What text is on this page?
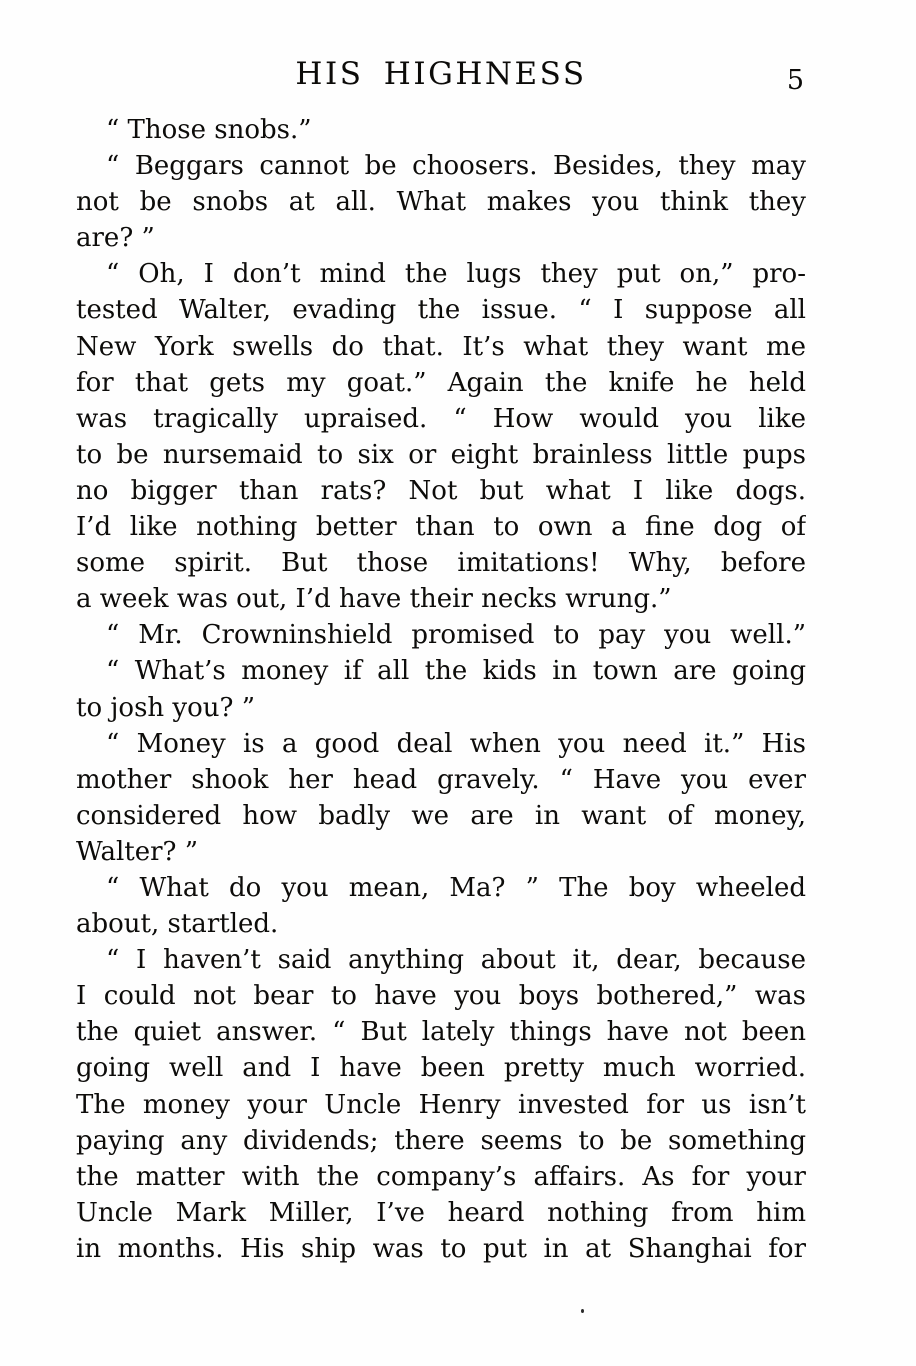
HIS HIGHNESS	5
“ Those snobs.”
“ Beggars cannot be choosers. Besides, they may
not be snobs at all. What makes you think they
are? ”
“ Oh, I don’t mind the lugs they put on,” pro-
tested Walter, evading the issue. “ I suppose all
New York swells do that. It’s what they want me
for that gets my goat.” Again the knife he held
was tragically upraised. “ How would you like
to be nursemaid to six or eight brainless little pups
no bigger than rats? Not but what I like dogs.
I’d like nothing better than to own a fine dog of
some spirit. But those imitations! Why, before
a week was out, I’d have their necks wrung.”
“ Mr. Crowninshield promised to pay you well.”
“ What’s money if all the kids in town are going
to josh you? ”
“ Money is a good deal when you need it.” His
mother shook her head gravely. “ Have you ever
considered how badly we are in want of money,
Walter? ”
“ What do you mean, Ma? ” The boy wheeled
about, startled.
“ I haven’t said anything about it, dear, because
I could not bear to have you boys bothered,” was
the quiet answer. “ But lately things have not been
going well and I have been pretty much worried.
The money your Uncle Henry invested for us isn’t
paying any dividends; there seems to be something
the matter with the company’s affairs. As for your
Uncle Mark Miller, I’ve heard nothing from him
in months. His ship was to put in at Shanghai for
